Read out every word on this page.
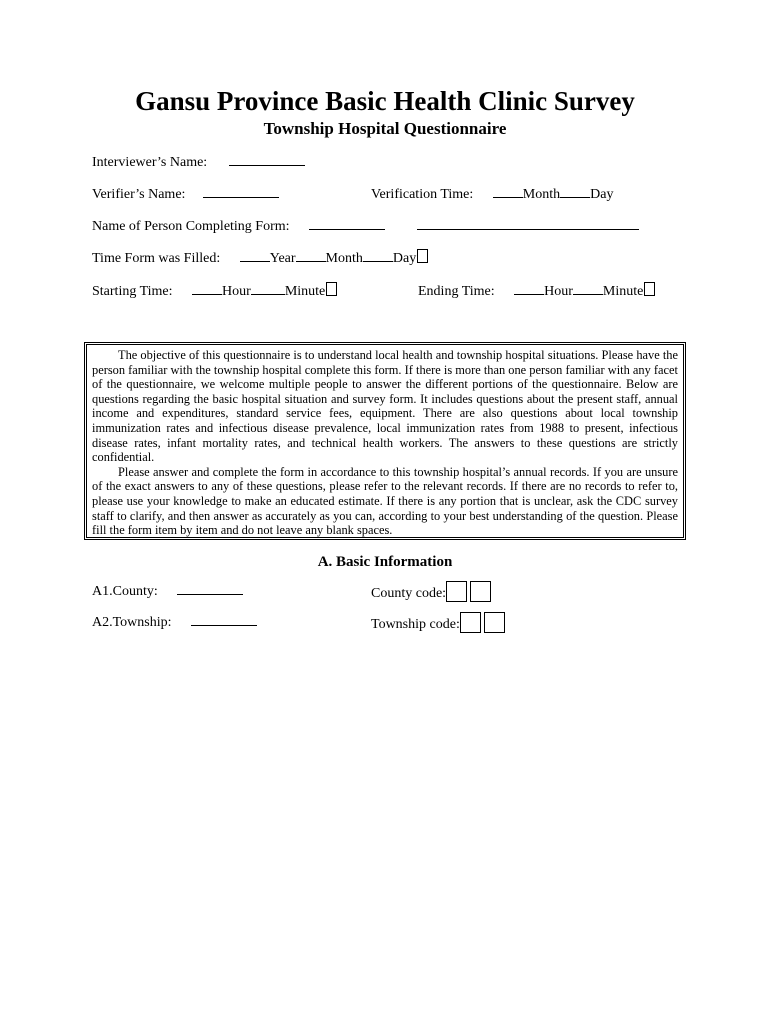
Gansu Province Basic Health Clinic Survey
Township Hospital Questionnaire
Interviewer’s Name:
Verifier’s Name:	Verification Time:	Month Day
Name of Person Completing Form:
Time Form was Filled:	Year Month Day
Starting Time:	Hour Minute	Ending Time:	Hour Minute

The objective of this questionnaire is to understand local health and township hospital situations. Please have the person familiar with the township hospital complete this form. If there is more than one person familiar with any facet of the questionnaire, we welcome multiple people to answer the different portions of the questionnaire. Below are questions regarding the basic hospital situation and survey form. It includes questions about the present staff, annual income and expenditures, standard service fees, equipment. There are also questions about local township immunization rates and infectious disease prevalence, local immunization rates from 1988 to present, infectious disease rates, infant mortality rates, and technical health workers. The answers to these questions are strictly confidential.

Please answer and complete the form in accordance to this township hospital’s annual records. If you are unsure of the exact answers to any of these questions, please refer to the relevant records. If there are no records to refer to, please use your knowledge to make an educated estimate. If there is any portion that is unclear, ask the CDC survey staff to clarify, and then answer as accurately as you can, according to your best understanding of the question. Please fill the form item by item and do not leave any blank spaces.

A. Basic Information
A1.County:	County code:
A2.Township:	Township code:
